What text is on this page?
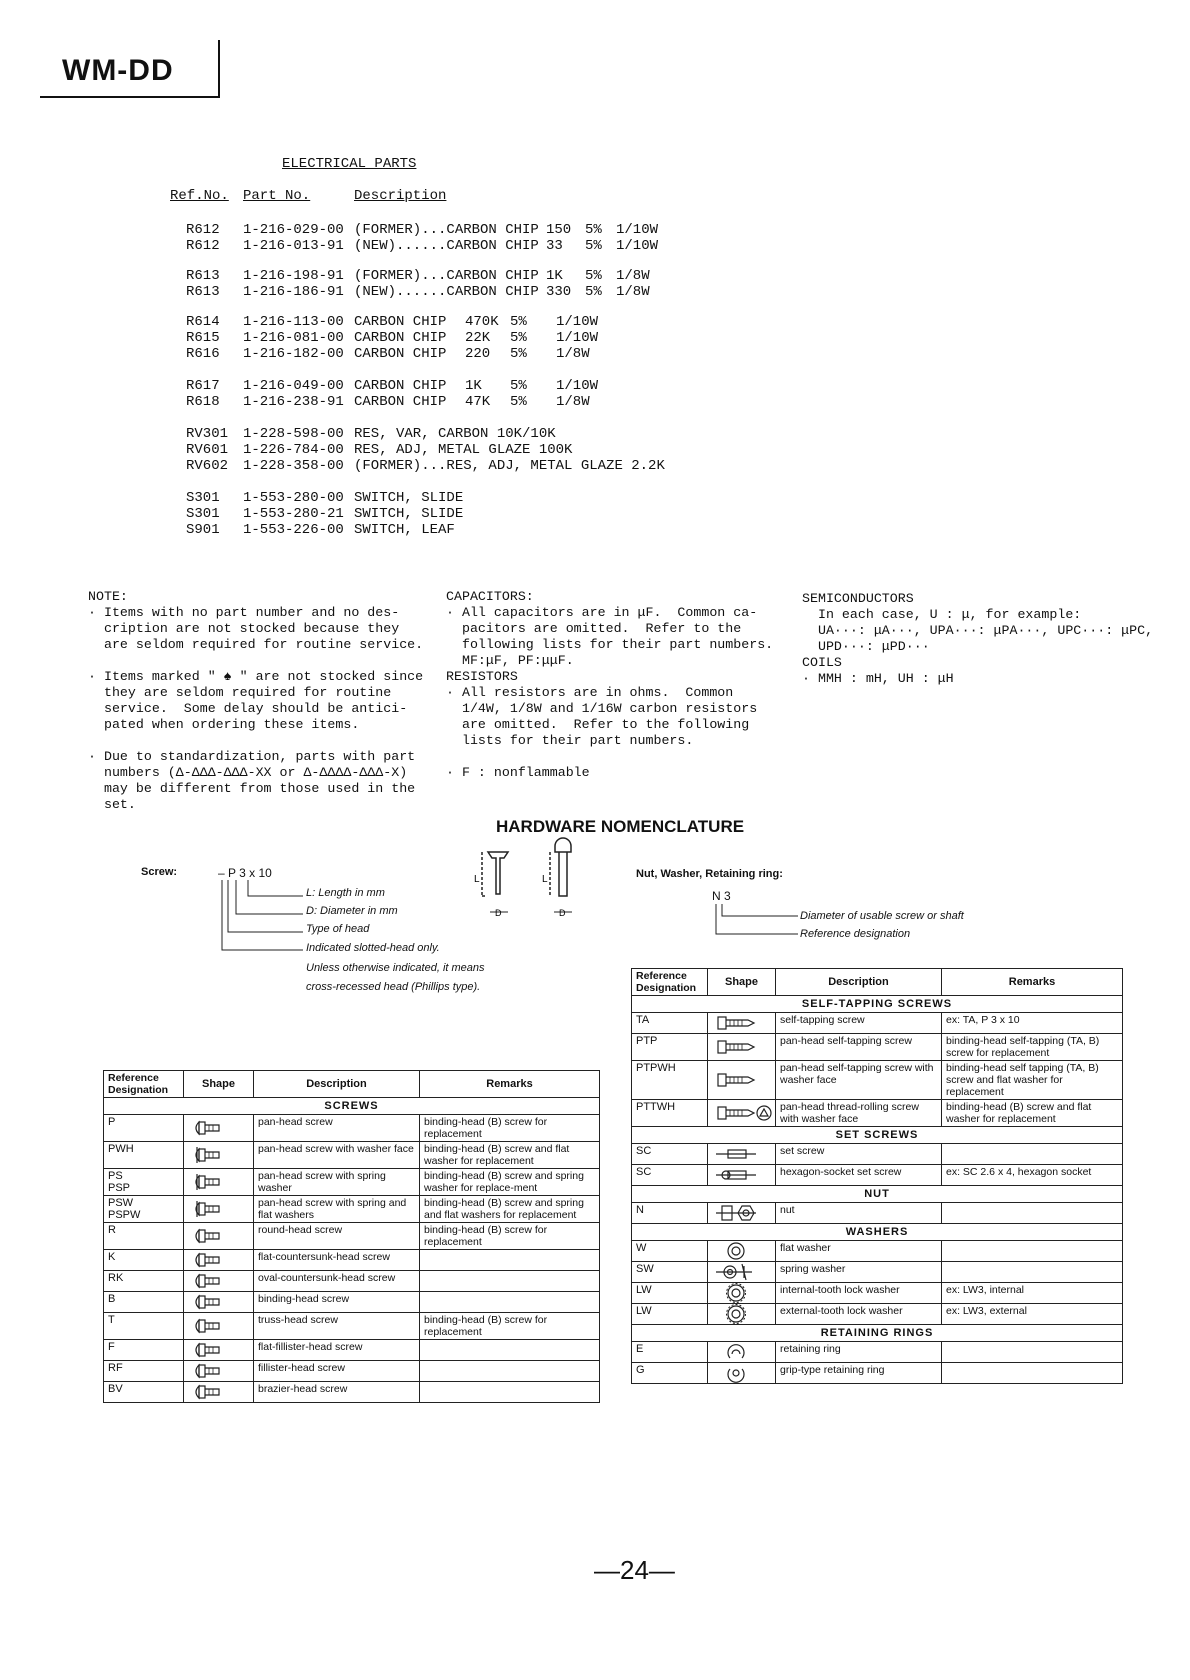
WM-DD
ELECTRICAL PARTS
Ref.No. Part No.	Description
R612 1-216-029-00 (FORMER)...CARBON CHIP 150 5% 1/10W
R612 1-216-013-91 (NEW)......CARBON CHIP 33 5% 1/10W
R613 1-216-198-91 (FORMER)...CARBON CHIP 1K 5% 1/8W
R613 1-216-186-91 (NEW)......CARBON CHIP 330 5% 1/8W
R614 1-216-113-00 CARBON CHIP 470K 5% 1/10W
R615 1-216-081-00 CARBON CHIP 22K 5% 1/10W
R616 1-216-182-00 CARBON CHIP 220 5% 1/8W
R617 1-216-049-00 CARBON CHIP 1K 5% 1/10W
R618 1-216-238-91 CARBON CHIP 47K 5% 1/8W
RV301 1-228-598-00 RES, VAR, CARBON 10K/10K
RV601 1-226-784-00 RES, ADJ, METAL GLAZE 100K
RV602 1-228-358-00 (FORMER)...RES, ADJ, METAL GLAZE 2.2K
S301 1-553-280-00 SWITCH, SLIDE
S301 1-553-280-21 SWITCH, SLIDE
S901 1-553-226-00 SWITCH, LEAF
NOTE:
· Items with no part number and no des-
cription are not stocked because they
are seldom required for routine service.

· Items marked " ♠ " are not stocked since
they are seldom required for routine
service.  Some delay should be antici-
pated when ordering these items.

· Due to standardization, parts with part
numbers (Δ-ΔΔΔ-ΔΔΔ-XX or Δ-ΔΔΔΔ-ΔΔΔ-X)
may be different from those used in the
set.
CAPACITORS:
· All capacitors are in μF.  Common ca-
pacitors are omitted.  Refer to the
following lists for their part numbers.
MF:μF, PF:μμF.
RESISTORS
· All resistors are in ohms.  Common
1/4W, 1/8W and 1/16W carbon resistors
are omitted.  Refer to the following
lists for their part numbers.

· F : nonflammable
SEMICONDUCTORS
In each case, U : μ, for example:
UA···: μA···, UPA···: μPA···, UPC···: μPC,
UPD···: μPD···
COILS
· MMH : mH, UH : μH
HARDWARE NOMENCLATURE
Screw:	– P 3 x 10
L: Length in mm
D: Diameter in mm
Type of head
Indicated slotted-head only.
Unless otherwise indicated, it means
cross-recessed head (Phillips type).
L	L
D	D
Nut, Washer, Retaining ring:
N 3
Diameter of usable screw or shaft
Reference designation
Reference
Designation	Shape	Description	Remarks
SCREWS			
P		pan-head screw	binding-head (B) screw for replacement
PWH		pan-head screw with washer face	binding-head (B) screw and flat washer for replacement
PS
PSP		pan-head screw with spring washer	binding-head (B) screw and spring washer for replace-ment
PSW
PSPW		pan-head screw with spring and flat washers	binding-head (B) screw and spring and flat washers for replacement
R		round-head screw	binding-head (B) screw for replacement
K		flat-countersunk-head screw	
RK		oval-countersunk-head screw	
B		binding-head screw	
T		truss-head screw	binding-head (B) screw for replacement
F		flat-fillister-head screw	
RF		fillister-head screw	
BV		brazier-head screw	
Reference
Designation	Shape	Description	Remarks
SELF-TAPPING SCREWS			
TA		self-tapping screw	ex: TA, P 3 x 10
PTP		pan-head self-tapping screw	binding-head self-tapping (TA, B) screw for replacement
PTPWH		pan-head self-tapping screw with washer face	binding-head self tapping (TA, B) screw and flat washer for replacement
PTTWH		pan-head thread-rolling screw with washer face	binding-head (B) screw and flat washer for replacement
SET SCREWS			
SC		set screw	
SC		hexagon-socket set screw	ex: SC 2.6 x 4, hexagon socket
NUT			
N		nut	
WASHERS			
W		flat washer	
SW		spring washer	
LW		internal-tooth lock washer	ex: LW3, internal
LW		external-tooth lock washer	ex: LW3, external
RETAINING RINGS			
E		retaining ring	
G		grip-type retaining ring	
—24—
